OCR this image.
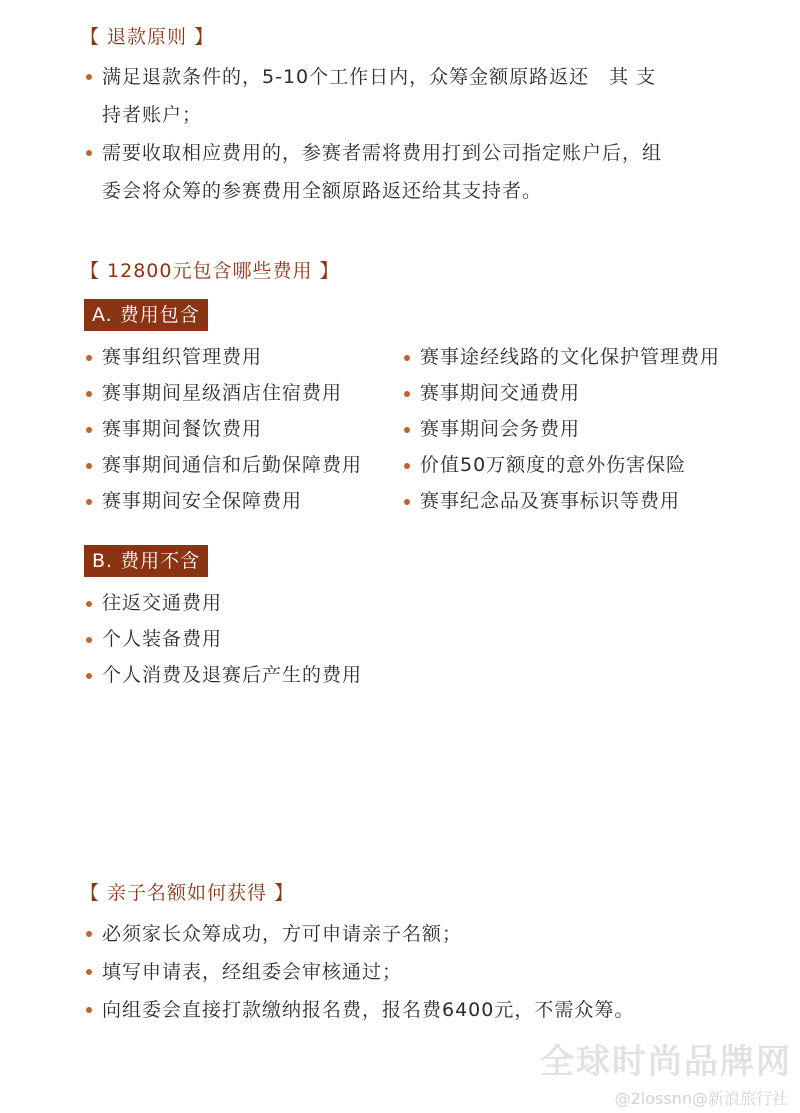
【 退款原则 】
满足退款条件的，5-10个工作日内，众筹金额原路返还　其 支
持者账户；
需要收取相应费用的，参赛者需将费用打到公司指定账户后，组
委会将众筹的参赛费用全额原路返还给其支持者。
【 12800元包含哪些费用 】
A. 费用包含
赛事组织管理费用
赛事期间星级酒店住宿费用
赛事期间餐饮费用
赛事期间通信和后勤保障费用
赛事期间安全保障费用
赛事途经线路的文化保护管理费用
赛事期间交通费用
赛事期间会务费用
价值50万额度的意外伤害保险
赛事纪念品及赛事标识等费用
B. 费用不含
往返交通费用
个人装备费用
个人消费及退赛后产生的费用
【 亲子名额如何获得 】
必须家长众筹成功，方可申请亲子名额；
填写申请表，经组委会审核通过；
向组委会直接打款缴纳报名费，报名费6400元，不需众筹。
全球时尚品牌网
@2lossnn@新浪旅行社
